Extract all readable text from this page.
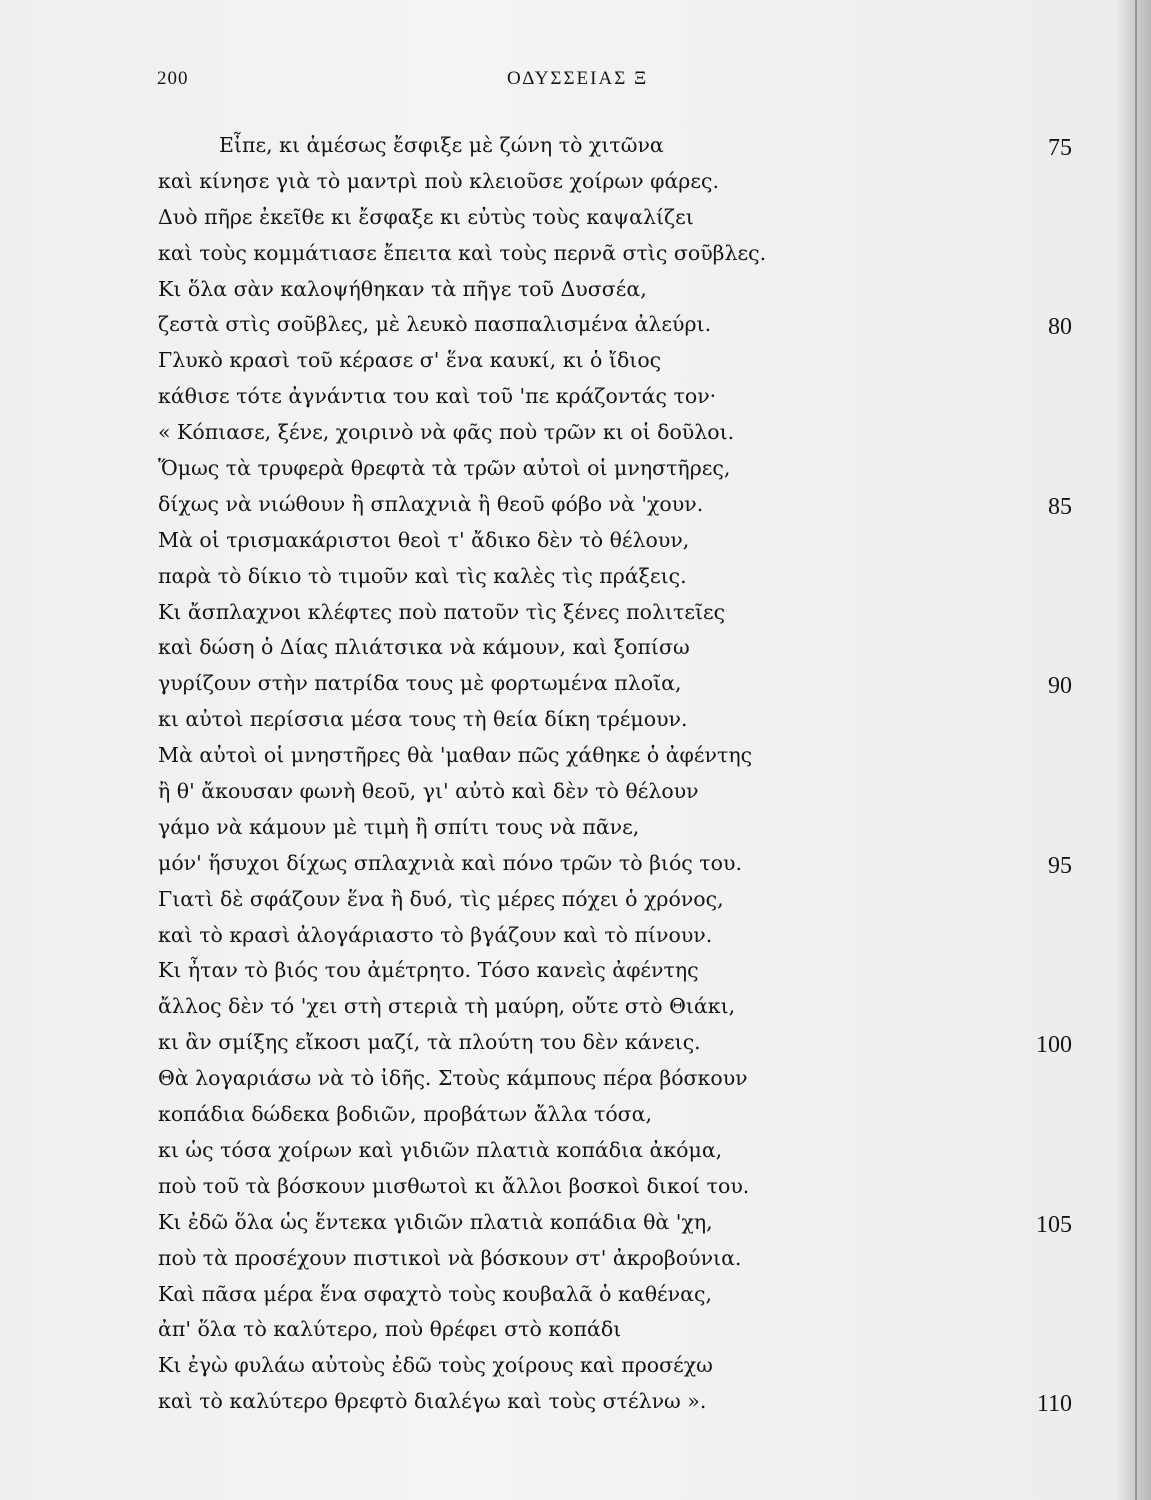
200	ΟΔΥΣΣΕΙΑΣ Ξ
Εἶπε, κι ἀμέσως ἔσφιξε μὲ ζώνη τὸ χιτῶνα	75
καὶ κίνησε γιὰ τὸ μαντρὶ ποὺ κλειοῦσε χοίρων φάρες.
Δυὸ πῆρε ἐκεῖθε κι ἔσφαξε κι εὐτὺς τοὺς καψαλίζει
καὶ τοὺς κομμάτιασε ἔπειτα καὶ τοὺς περνᾶ στὶς σοῦβλες.
Κι ὅλα σὰν καλοψήθηκαν τὰ πῆγε τοῦ Δυσσέα,
ζεστὰ στὶς σοῦβλες, μὲ λευκὸ πασπαλισμένα ἀλεύρι.	80
Γλυκὸ κρασὶ τοῦ κέρασε σ' ἕνα καυκί, κι ὁ ἴδιος
κάθισε τότε ἀγνάντια του καὶ τοῦ 'πε κράζοντάς τον·
« Κόπιασε, ξένε, χοιρινὸ νὰ φᾶς ποὺ τρῶν κι οἱ δοῦλοι.
Ὅμως τὰ τρυφερὰ θρεφτὰ τὰ τρῶν αὐτοὶ οἱ μνηστῆρες,
δίχως νὰ νιώθουν ἢ σπλαχνιὰ ἢ θεοῦ φόβο νὰ 'χουν.	85
Μὰ οἱ τρισμακάριστοι θεοὶ τ' ἄδικο δὲν τὸ θέλουν,
παρὰ τὸ δίκιο τὸ τιμοῦν καὶ τὶς καλὲς τὶς πράξεις.
Κι ἄσπλαχνοι κλέφτες ποὺ πατοῦν τὶς ξένες πολιτεῖες
καὶ δώση ὁ Δίας πλιάτσικα νὰ κάμουν, καὶ ξοπίσω
γυρίζουν στὴν πατρίδα τους μὲ φορτωμένα πλοῖα,	90
κι αὐτοὶ περίσσια μέσα τους τὴ θεία δίκη τρέμουν.
Μὰ αὐτοὶ οἱ μνηστῆρες θὰ 'μαθαν πῶς χάθηκε ὁ ἀφέντης
ἢ θ' ἄκουσαν φωνὴ θεοῦ, γι' αὐτὸ καὶ δὲν τὸ θέλουν
γάμο νὰ κάμουν μὲ τιμὴ ἢ σπίτι τους νὰ πᾶνε,
μόν' ἥσυχοι δίχως σπλαχνιὰ καὶ πόνο τρῶν τὸ βιός του.	95
Γιατὶ δὲ σφάζουν ἕνα ἢ δυό, τὶς μέρες πόχει ὁ χρόνος,
καὶ τὸ κρασὶ ἀλογάριαστο τὸ βγάζουν καὶ τὸ πίνουν.
Κι ἦταν τὸ βιός του ἀμέτρητο. Τόσο κανεὶς ἀφέντης
ἄλλος δὲν τό 'χει στὴ στεριὰ τὴ μαύρη, οὔτε στὸ Θιάκι,
κι ἂν σμίξης εἴκοσι μαζί, τὰ πλούτη του δὲν κάνεις.	100
Θὰ λογαριάσω νὰ τὸ ἰδῆς. Στοὺς κάμπους πέρα βόσκουν
κοπάδια δώδεκα βοδιῶν, προβάτων ἄλλα τόσα,
κι ὡς τόσα χοίρων καὶ γιδιῶν πλατιὰ κοπάδια ἀκόμα,
ποὺ τοῦ τὰ βόσκουν μισθωτοὶ κι ἄλλοι βοσκοὶ δικοί του.
Κι ἐδῶ ὅλα ὡς ἕντεκα γιδιῶν πλατιὰ κοπάδια θὰ 'χη,	105
ποὺ τὰ προσέχουν πιστικοὶ νὰ βόσκουν στ' ἀκροβούνια.
Καὶ πᾶσα μέρα ἕνα σφαχτὸ τοὺς κουβαλᾶ ὁ καθένας,
ἀπ' ὅλα τὸ καλύτερο, ποὺ θρέφει στὸ κοπάδι
Κι ἐγὼ φυλάω αὐτοὺς ἐδῶ τοὺς χοίρους καὶ προσέχω
καὶ τὸ καλύτερο θρεφτὸ διαλέγω καὶ τοὺς στέλνω ».	110
